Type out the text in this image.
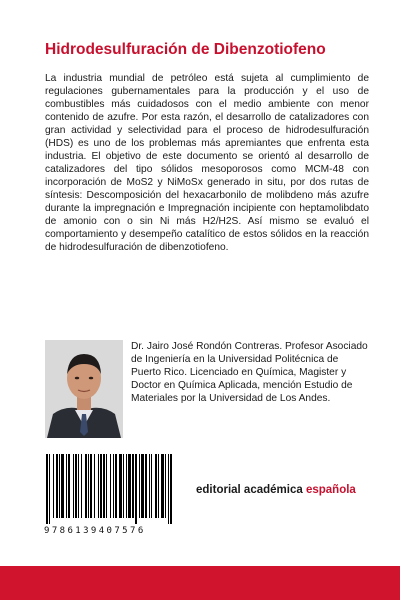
Hidrodesulfuración de Dibenzotiofeno

La industria mundial de petróleo está sujeta al cumplimiento de regulaciones gubernamentales para la producción y el uso de combustibles más cuidadosos con el medio ambiente con menor contenido de azufre. Por esta razón, el desarrollo de catalizadores con gran actividad y selectividad para el proceso de hidrodesulfuración (HDS) es uno de los problemas más apremiantes que enfrenta esta industria. El objetivo de este documento se orientó al desarrollo de catalizadores del tipo sólidos mesoporosos como MCM-48 con incorporación de MoS2 y NiMoSx generado in situ, por dos rutas de síntesis: Descomposición del hexacarbonilo de molibdeno más azufre durante la impregnación e Impregnación incipiente con heptamolibdato de amonio con o sin Ni más H2/H2S. Así mismo se evaluó el comportamiento y desempeño catalítico de estos sólidos en la reacción de hidrodesulfuración de dibenzotiofeno.

Dr. Jairo José Rondón Contreras. Profesor Asociado de Ingeniería en la Universidad Politécnica de Puerto Rico. Licenciado en Química, Magister y Doctor en Química Aplicada, mención Estudio de Materiales por la Universidad de Los Andes.

9786139407576
editorial académica española
